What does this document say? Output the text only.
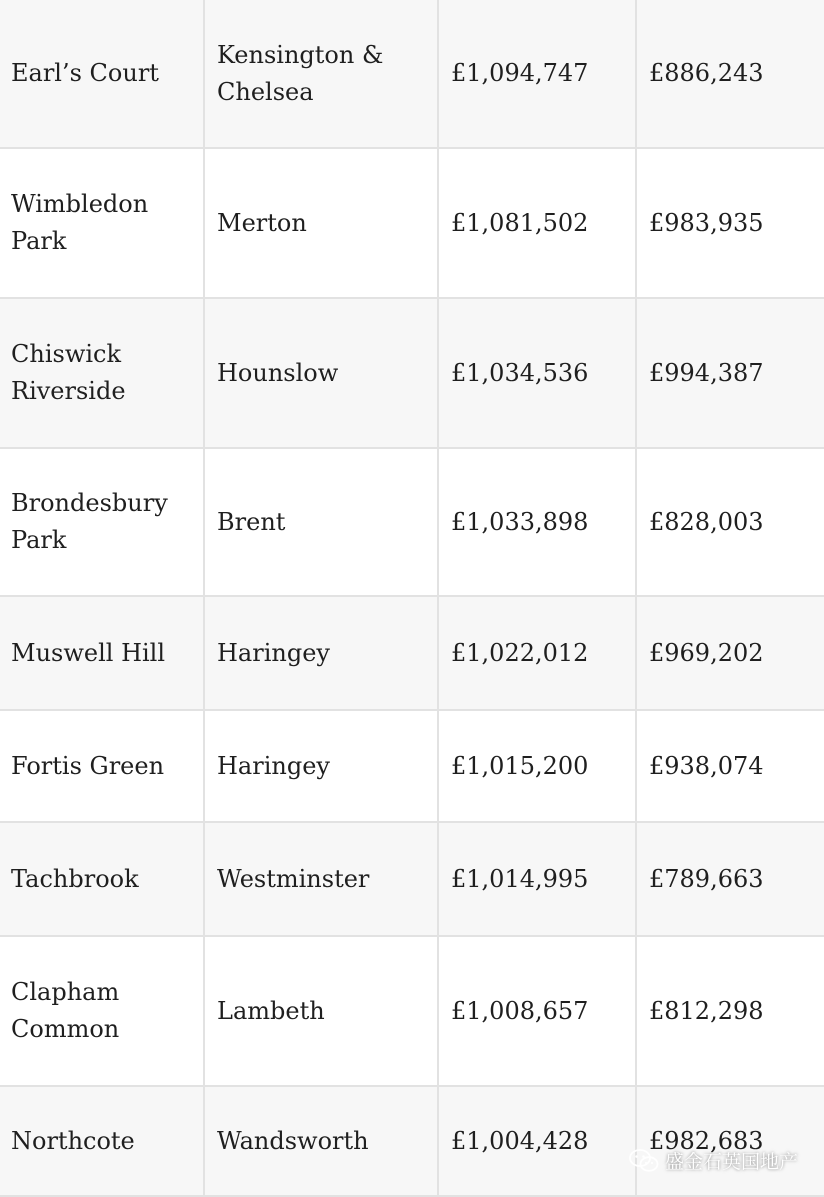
Earl’s Court	Kensington & Chelsea	£1,094,747	£886,243
Wimbledon Park	Merton	£1,081,502	£983,935
Chiswick Riverside	Hounslow	£1,034,536	£994,387
Brondesbury Park	Brent	£1,033,898	£828,003
Muswell Hill	Haringey	£1,022,012	£969,202
Fortis Green	Haringey	£1,015,200	£938,074
Tachbrook	Westminster	£1,014,995	£789,663
Clapham Common	Lambeth	£1,008,657	£812,298
Northcote	Wandsworth	£1,004,428	£982,683
盛金石英国地产
